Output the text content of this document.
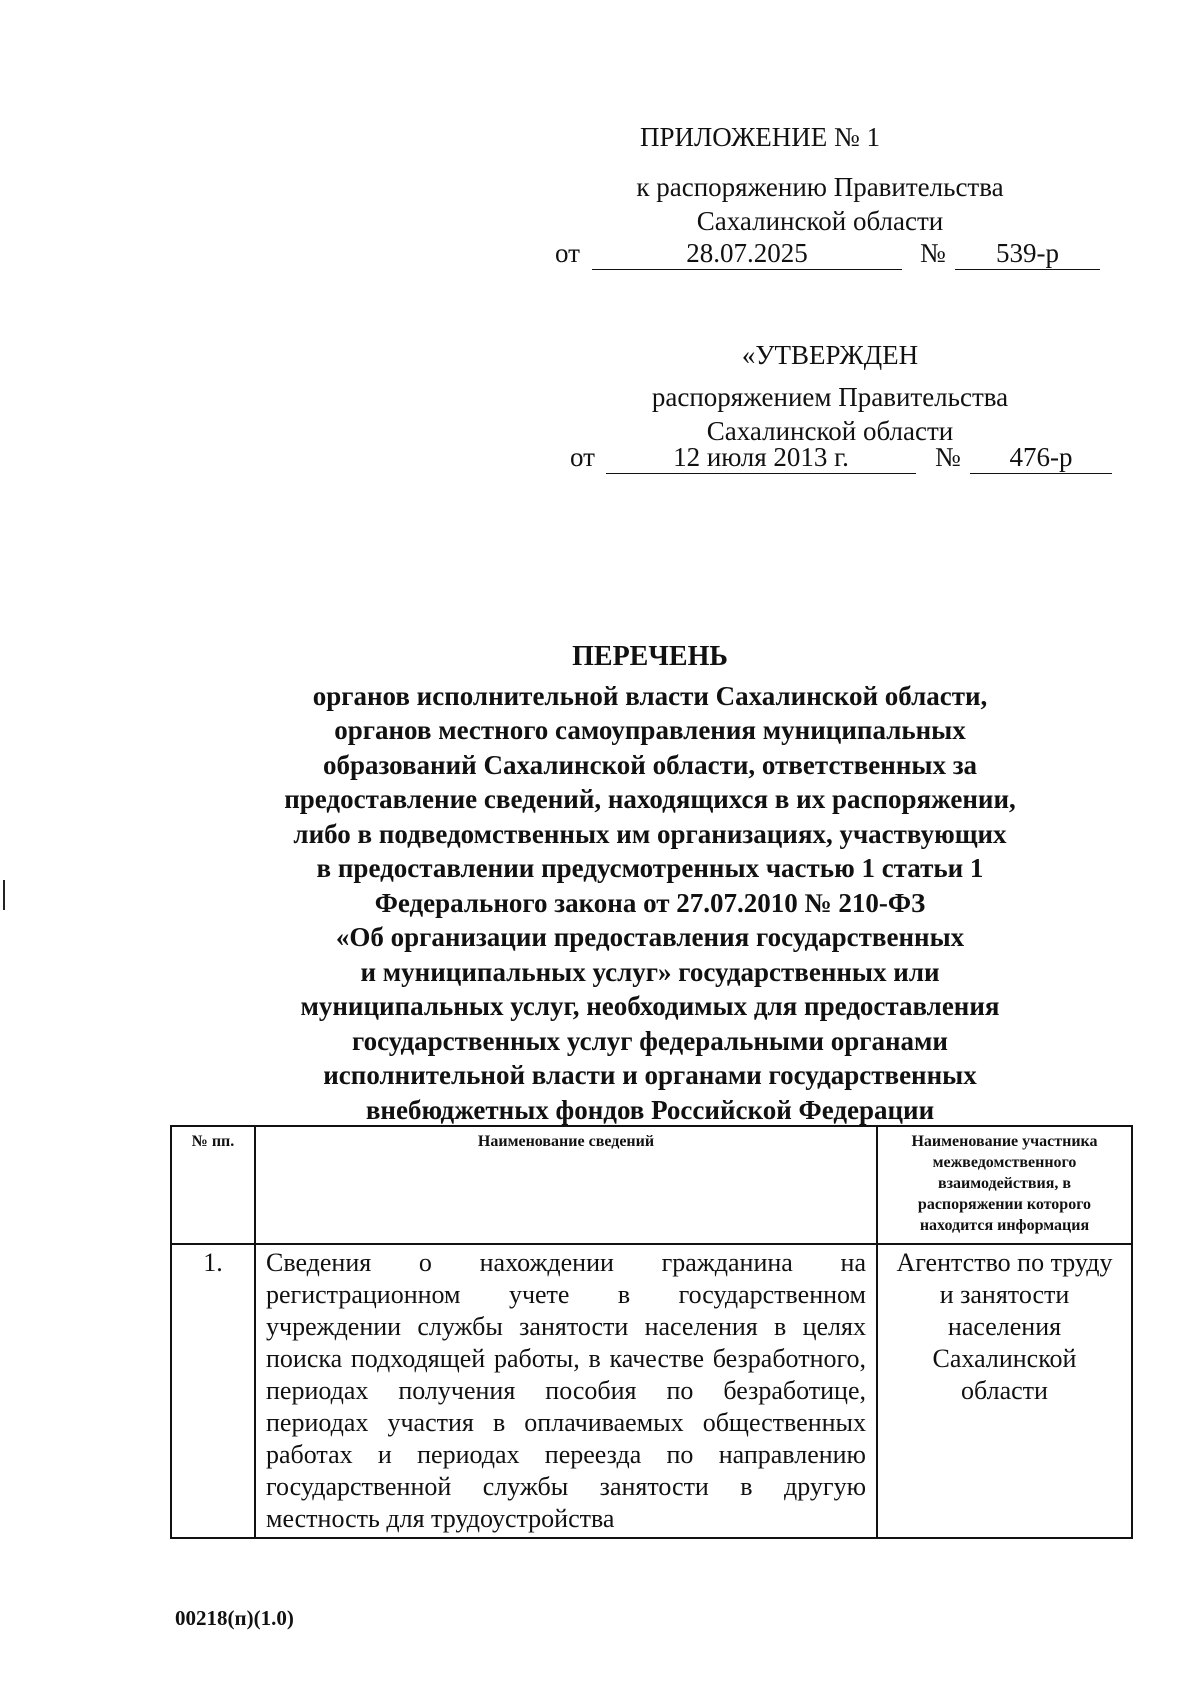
ПРИЛОЖЕНИЕ № 1
к распоряжению Правительства
Сахалинской области
от	28.07.2025	№	539-р
«УТВЕРЖДЕН
распоряжением Правительства
Сахалинской области
от	12 июля 2013 г.	№	476-р
ПЕРЕЧЕНЬ
органов исполнительной власти Сахалинской области,
органов местного самоуправления муниципальных
образований Сахалинской области, ответственных за
предоставление сведений, находящихся в их распоряжении,
либо в подведомственных им организациях, участвующих
в предоставлении предусмотренных частью 1 статьи 1
Федерального закона от 27.07.2010 № 210-ФЗ
«Об организации предоставления государственных
и муниципальных услуг» государственных или
муниципальных услуг, необходимых для предоставления
государственных услуг федеральными органами
исполнительной власти и органами государственных
внебюджетных фондов Российской Федерации
№ пп.	Наименование сведений	Наименование участника межведомственного взаимодействия, в распоряжении которого находится информация
1.	Сведения о нахождении гражданина на регистрационном учете в государственном учреждении службы занятости населения в целях поиска подходящей работы, в качестве безработного, периодах получения пособия по безработице, периодах участия в оплачиваемых общественных работах и периодах переезда по направлению государственной службы занятости в другую местность для трудоустройства	Агентство по труду и занятости населения Сахалинской области
00218(п)(1.0)
